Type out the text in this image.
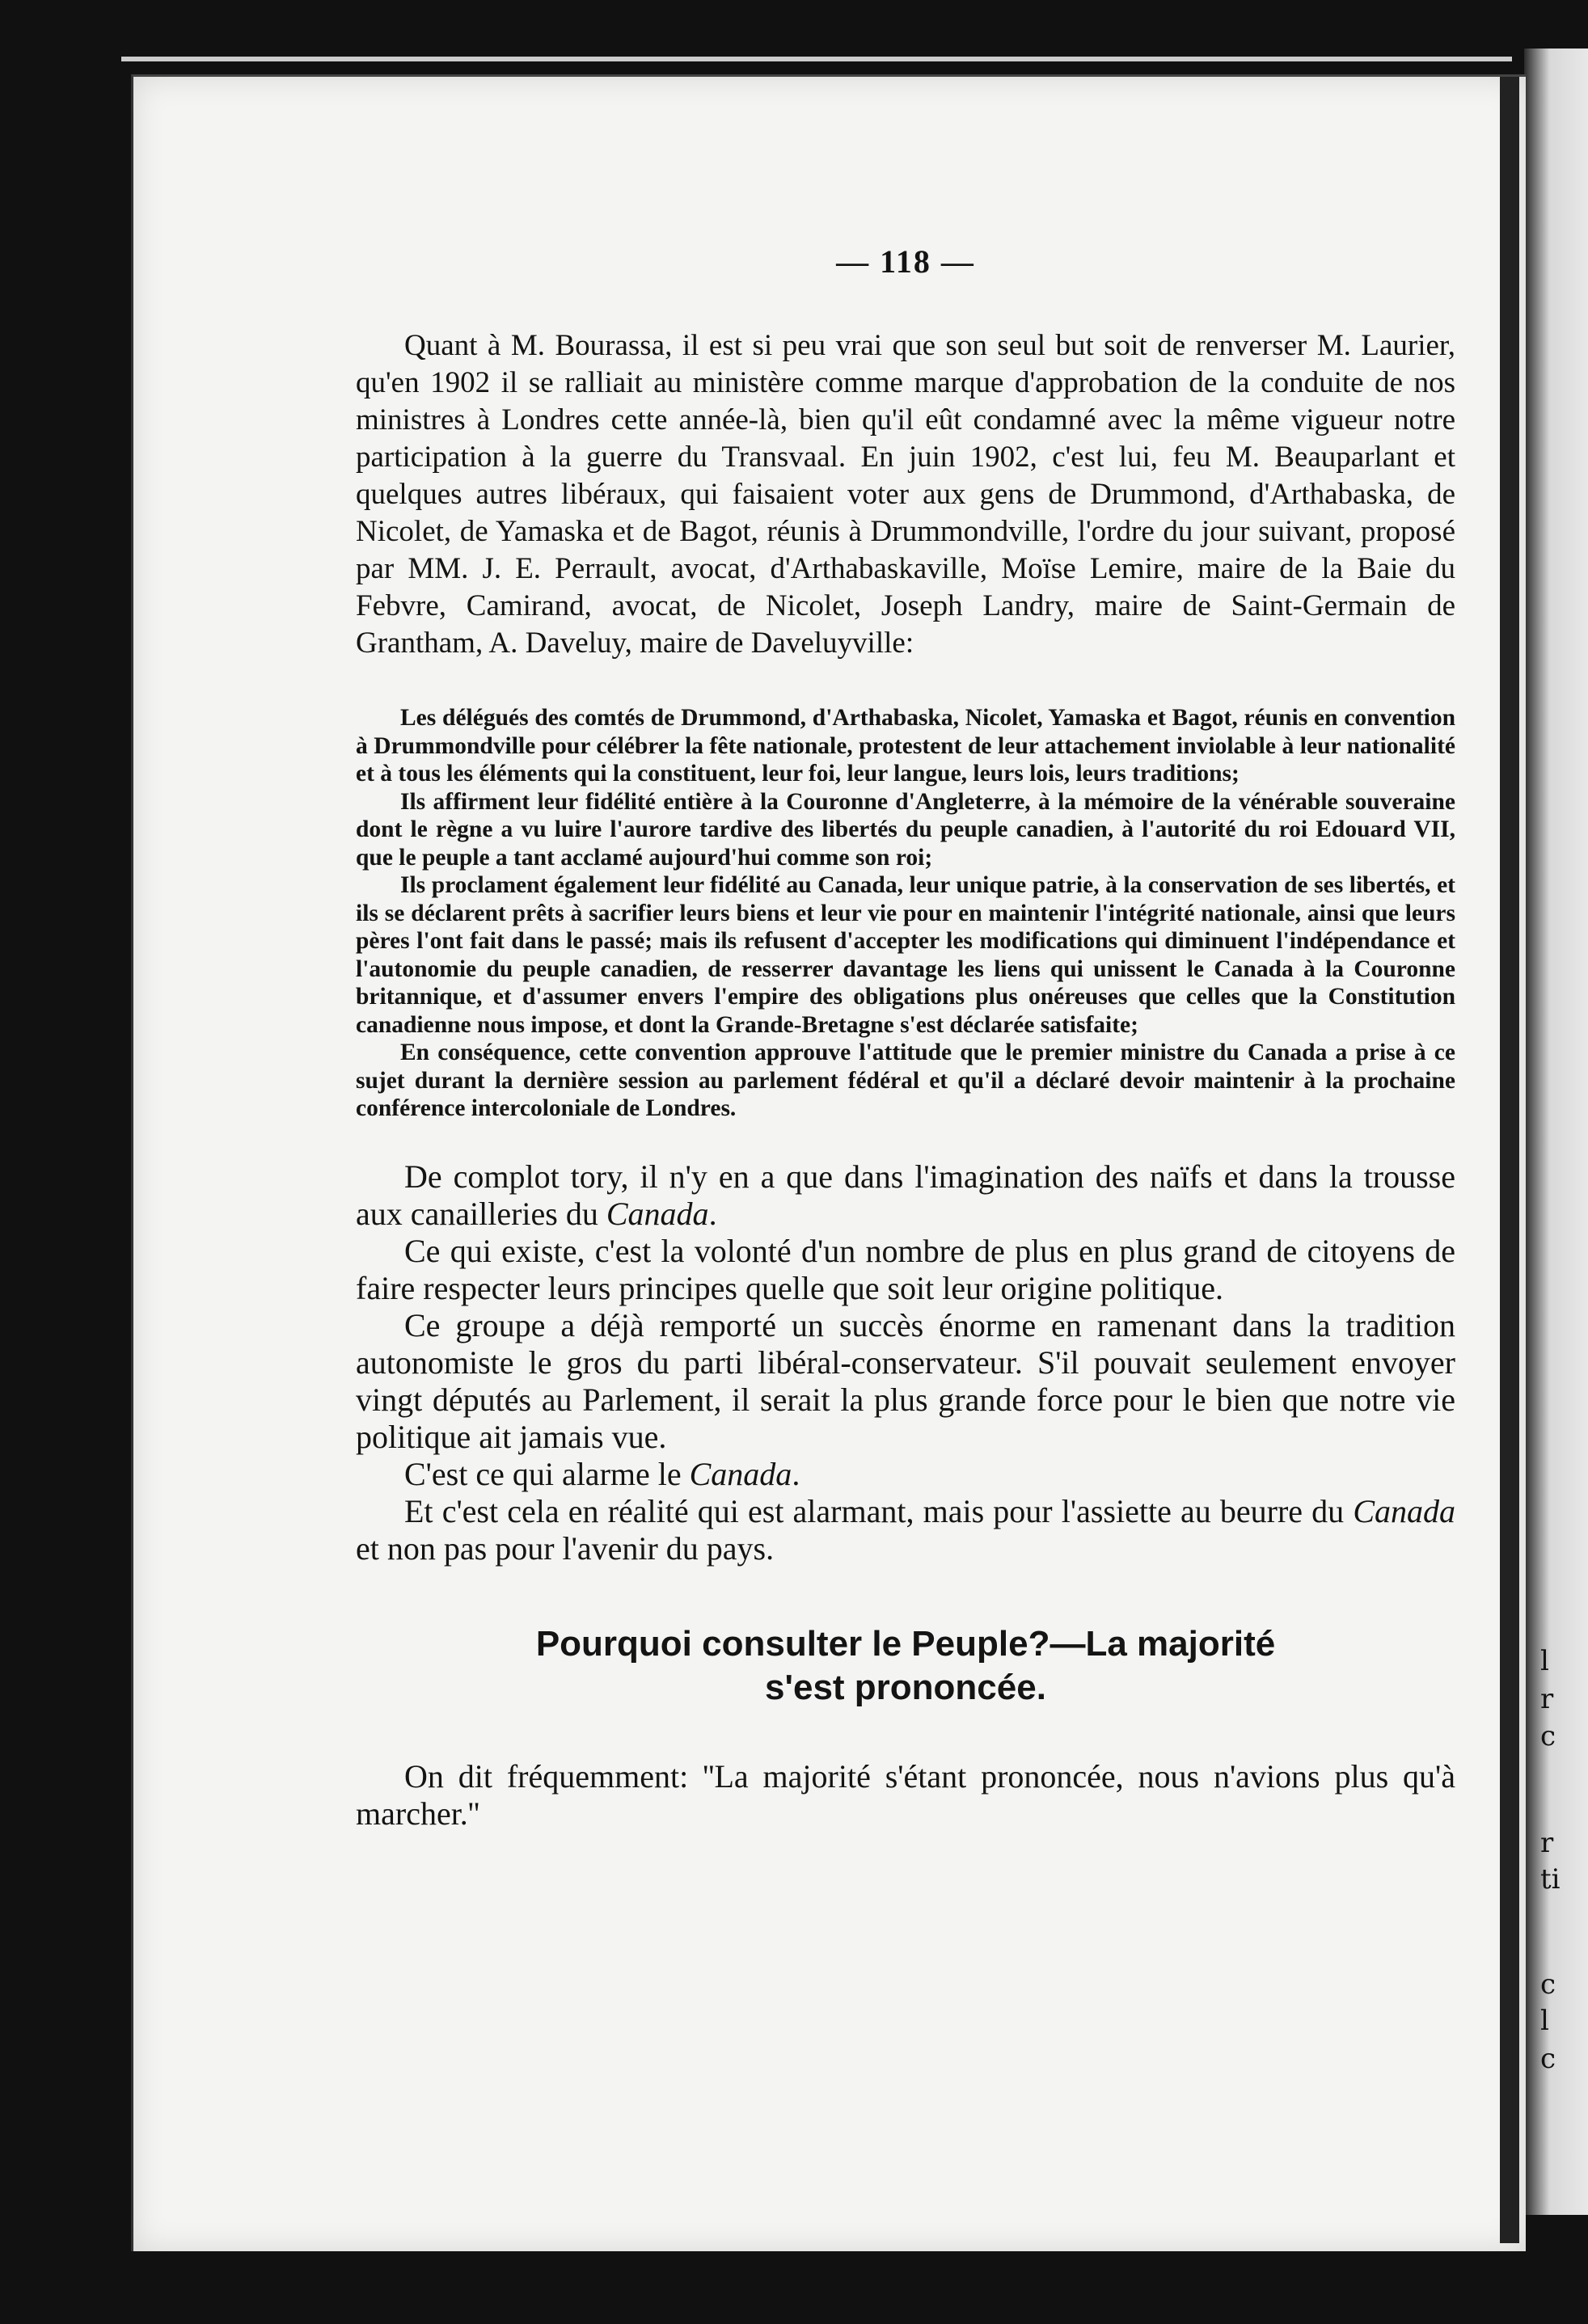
l
r
c
r
ti
c
l
c
— 118 —

Quant à M. Bourassa, il est si peu vrai que son seul but soit de renverser M. Laurier, qu'en 1902 il se ralliait au ministère comme marque d'approbation de la conduite de nos ministres à Londres cette année-là, bien qu'il eût condamné avec la même vigueur notre participation à la guerre du Transvaal. En juin 1902, c'est lui, feu M. Beauparlant et quelques autres libéraux, qui faisaient voter aux gens de Drummond, d'Arthabaska, de Nicolet, de Yamaska et de Bagot, réunis à Drummondville, l'ordre du jour suivant, proposé par MM. J. E. Perrault, avocat, d'Arthabaskaville, Moïse Lemire, maire de la Baie du Febvre, Camirand, avocat, de Nicolet, Joseph Landry, maire de Saint-Germain de Grantham, A. Daveluy, maire de Daveluyville:

Les délégués des comtés de Drummond, d'Arthabaska, Nicolet, Yamaska et Bagot, réunis en convention à Drummondville pour célébrer la fête nationale, protestent de leur attachement inviolable à leur nationalité et à tous les éléments qui la constituent, leur foi, leur langue, leurs lois, leurs traditions;

Ils affirment leur fidélité entière à la Couronne d'Angleterre, à la mémoire de la vénérable souveraine dont le règne a vu luire l'aurore tardive des libertés du peuple canadien, à l'autorité du roi Edouard VII, que le peuple a tant acclamé aujourd'hui comme son roi;

Ils proclament également leur fidélité au Canada, leur unique patrie, à la conservation de ses libertés, et ils se déclarent prêts à sacrifier leurs biens et leur vie pour en maintenir l'intégrité nationale, ainsi que leurs pères l'ont fait dans le passé; mais ils refusent d'accepter les modifications qui diminuent l'indépendance et l'autonomie du peuple canadien, de resserrer davantage les liens qui unissent le Canada à la Couronne britannique, et d'assumer envers l'empire des obligations plus onéreuses que celles que la Constitution canadienne nous impose, et dont la Grande-Bretagne s'est déclarée satisfaite;

En conséquence, cette convention approuve l'attitude que le premier ministre du Canada a prise à ce sujet durant la dernière session au parlement fédéral et qu'il a déclaré devoir maintenir à la prochaine conférence intercoloniale de Londres.

De complot tory, il n'y en a que dans l'imagination des naïfs et dans la trousse aux canailleries du Canada.

Ce qui existe, c'est la volonté d'un nombre de plus en plus grand de citoyens de faire respecter leurs principes quelle que soit leur origine politique.

Ce groupe a déjà remporté un succès énorme en ramenant dans la tradition autonomiste le gros du parti libéral-conservateur. S'il pouvait seulement envoyer vingt députés au Parlement, il serait la plus grande force pour le bien que notre vie politique ait jamais vue.

C'est ce qui alarme le Canada.

Et c'est cela en réalité qui est alarmant, mais pour l'assiette au beurre du Canada et non pas pour l'avenir du pays.

Pourquoi consulter le Peuple?—La majorité
s'est prononcée.

On dit fréquemment: ''La majorité s'étant prononcée, nous n'avions plus qu'à marcher.''
